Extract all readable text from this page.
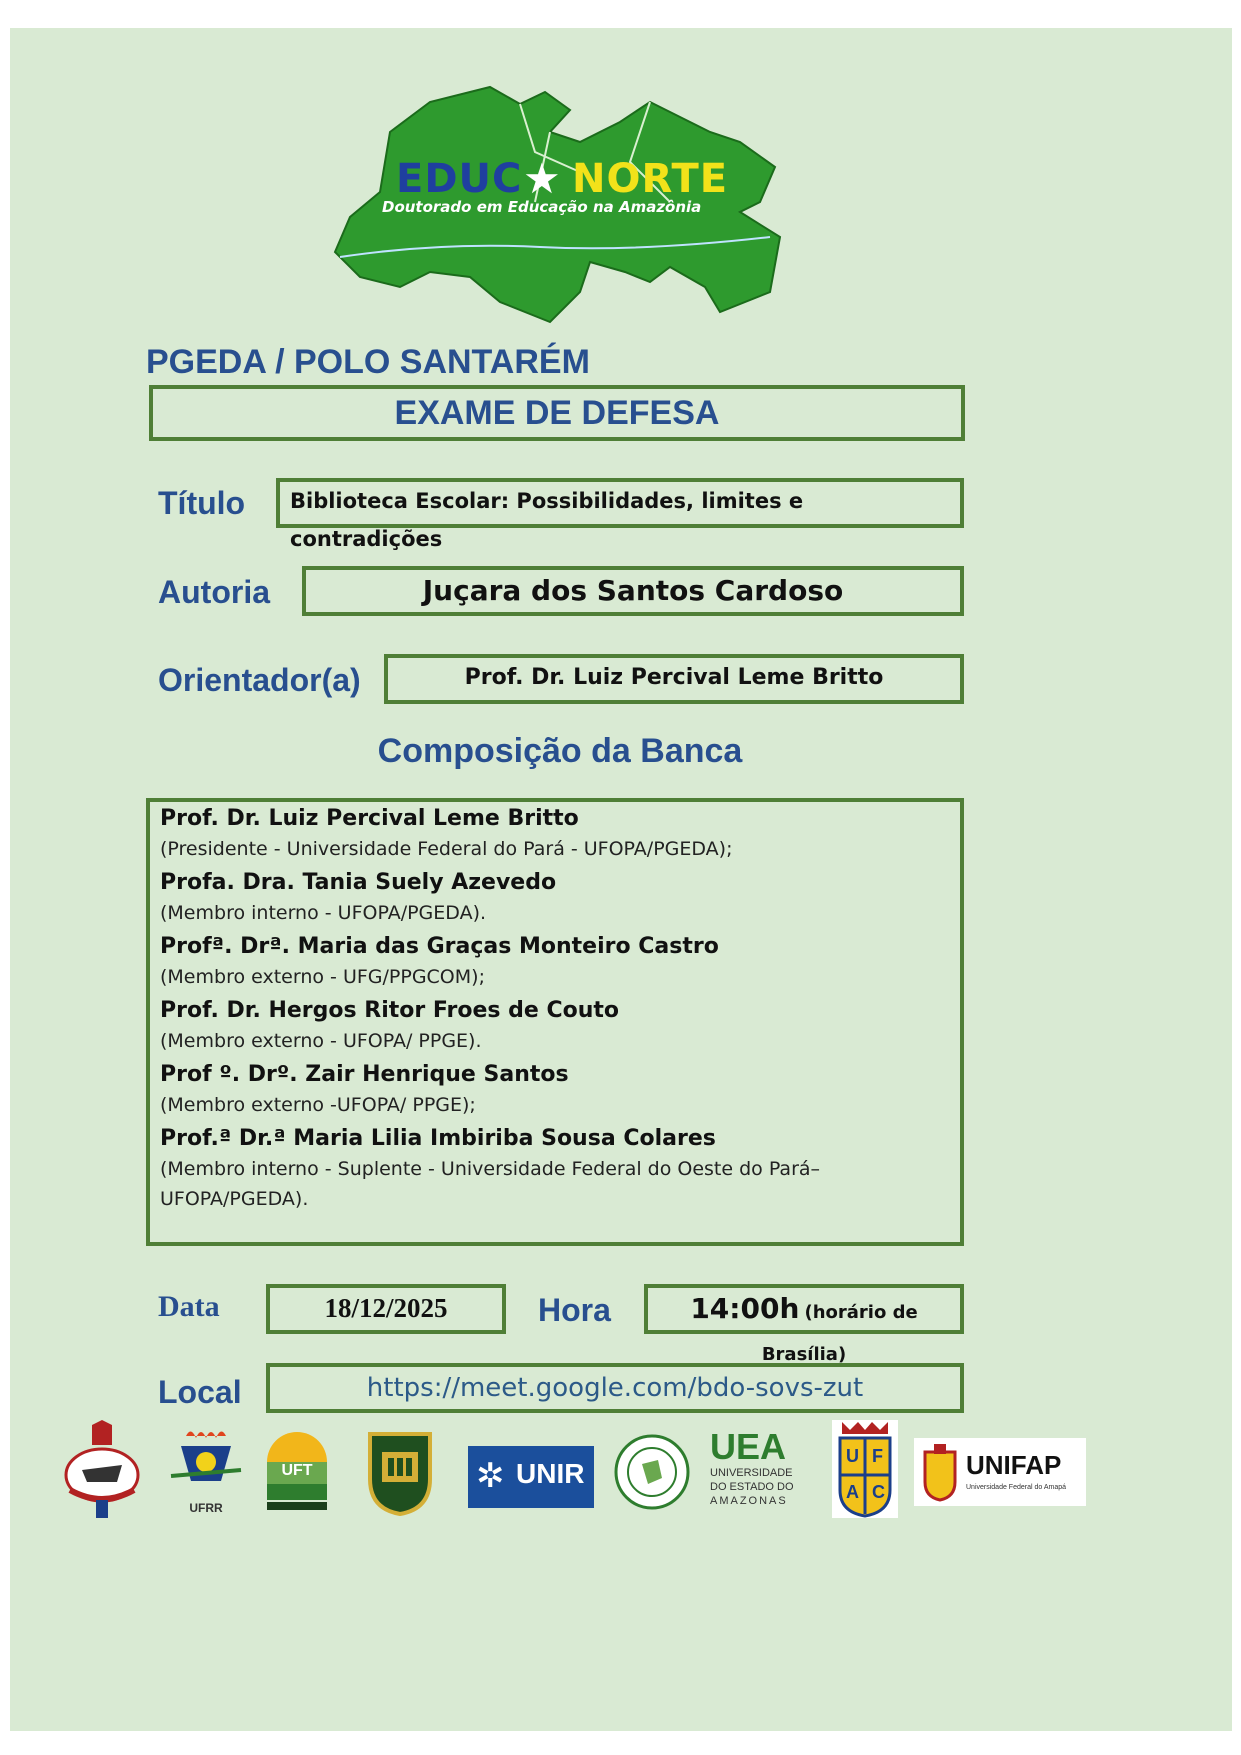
EDUC ★ NORTE
Doutorado em Educação na Amazônia
PGEDA / POLO SANTARÉM
EXAME DE DEFESA
Título	Biblioteca Escolar: Possibilidades, limites e contradições
Autoria	Juçara dos Santos Cardoso
Orientador(a)	Prof. Dr. Luiz Percival Leme Britto
Composição da Banca

Prof. Dr. Luiz Percival Leme Britto

(Presidente - Universidade Federal do Pará - UFOPA/PGEDA);

Profa. Dra. Tania Suely Azevedo

(Membro interno - UFOPA/PGEDA).

Profª. Drª. Maria das Graças Monteiro Castro

(Membro externo - UFG/PPGCOM);

Prof. Dr. Hergos Ritor Froes de Couto

(Membro externo - UFOPA/ PPGE).

Prof º. Drº. Zair Henrique Santos

(Membro externo -UFOPA/ PPGE);

Prof.ª Dr.ª Maria Lilia Imbiriba Sousa Colares

(Membro interno - Suplente - Universidade Federal do Oeste do Pará– UFOPA/PGEDA).

Data	18/12/2025	Hora	14:00h (horário de Brasília)
Local	https://meet.google.com/bdo-sovs-zut
UFRR
UFT	✲ UNIR
UEA
UNIVERSIDADE
DO ESTADO DO
AMAZONAS
U F
A C
UNIFAP
Universidade Federal do Amapá
